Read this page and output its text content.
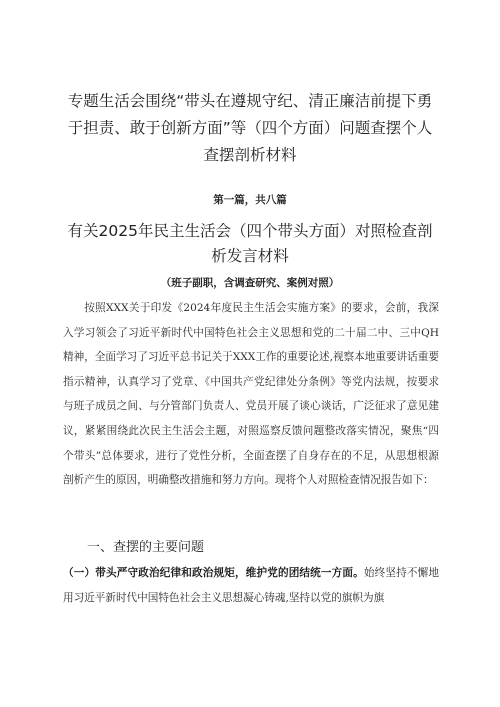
专题生活会围绕“带头在遵规守纪、清正廉洁前提下勇于担责、敢于创新方面”等（四个方面）问题查摆个人查摆剖析材料
第一篇，共八篇
有关2025年民主生活会（四个带头方面）对照检查剖析发言材料
（班子副职，含调查研究、案例对照）
按照XXX关于印发《2024年度民主生活会实施方案》的要求，会前，我深入学习领会了习近平新时代中国特色社会主义思想和党的二十届二中、三中QH精神，全面学习了习近平总书记关于XXX工作的重要论述,视察本地重要讲话重要指示精神，认真学习了党章、《中国共产党纪律处分条例》等党内法规，按要求与班子成员之间、与分管部门负责人、党员开展了谈心谈话，广泛征求了意见建议，紧紧围绕此次民主生活会主题，对照巡察反馈问题整改落实情况，聚焦“四个带头”总体要求，进行了党性分析，全面查摆了自身存在的不足，从思想根源剖析产生的原因，明确整改措施和努力方向。现将个人对照检查情况报告如下：
一、查摆的主要问题
（一）带头严守政治纪律和政治规矩，维护党的团结统一方面。始终坚持不懈地用习近平新时代中国特色社会主义思想凝心铸魂,坚持以党的旗帜为旗
